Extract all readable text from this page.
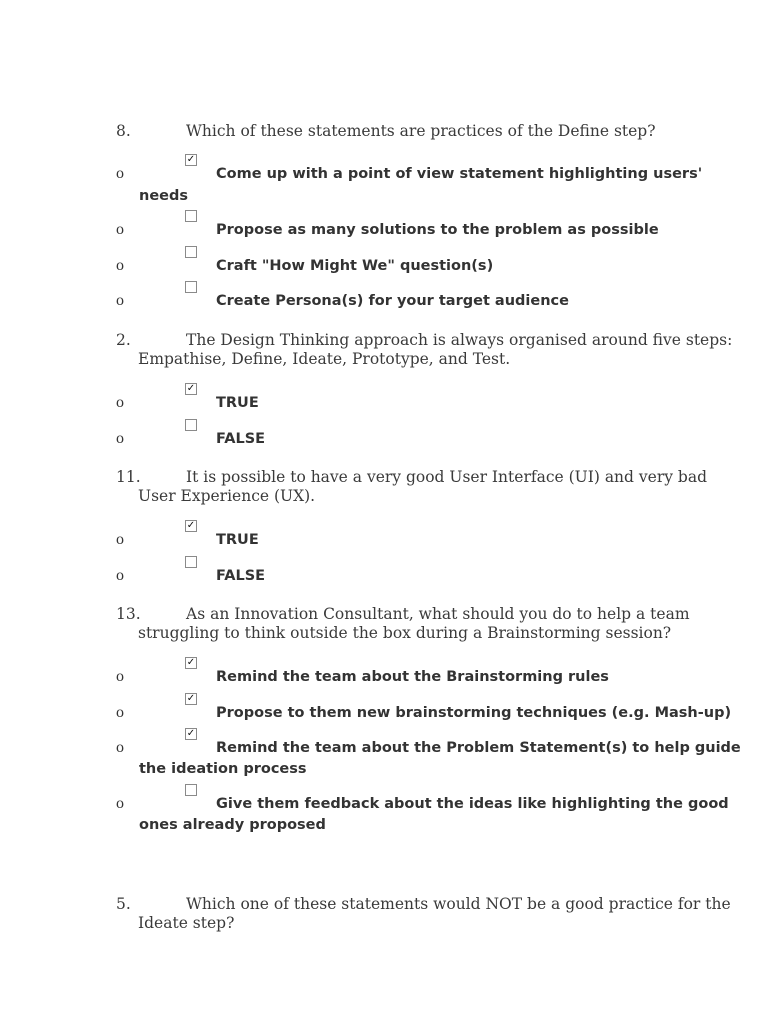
8.	Which of these statements are practices of the Define step?
✓
o	Come up with a point of view statement highlighting users'
needs
o	Propose as many solutions to the problem as possible
o	Craft "How Might We" question(s)
o	Create Persona(s) for your target audience
2.	The Design Thinking approach is always organised around five steps:
Empathise, Define, Ideate, Prototype, and Test.
✓
o	TRUE
o	FALSE
11.	It is possible to have a very good User Interface (UI) and very bad
User Experience (UX).
✓
o	TRUE
o	FALSE
13.	As an Innovation Consultant, what should you do to help a team
struggling to think outside the box during a Brainstorming session?
✓
o	Remind the team about the Brainstorming rules
✓
o	Propose to them new brainstorming techniques (e.g. Mash-up)
✓
o	Remind the team about the Problem Statement(s) to help guide
the ideation process
o	Give them feedback about the ideas like highlighting the good
ones already proposed
5.	Which one of these statements would NOT be a good practice for the
Ideate step?
